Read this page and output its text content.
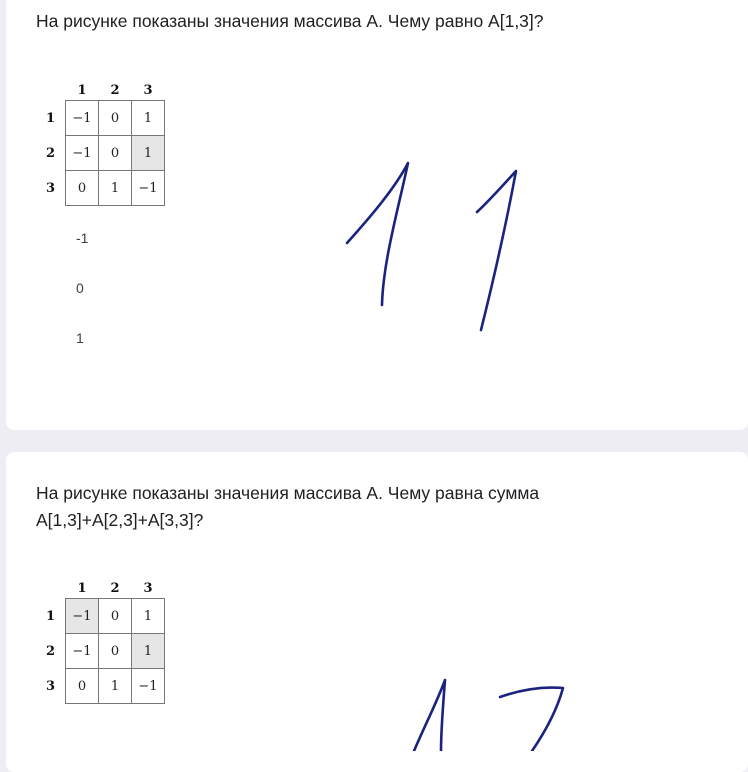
На рисунке показаны значения массива А. Чему равно А[1,3]?
	1	2	3
1	−1	0	1
2	−1	0	1
3	0	1	−1
-1
0
1
На рисунке показаны значения массива А. Чему равна сумма А[1,3]+А[2,3]+А[3,3]?
	1	2	3
1	−1	0	1
2	−1	0	1
3	0	1	−1
